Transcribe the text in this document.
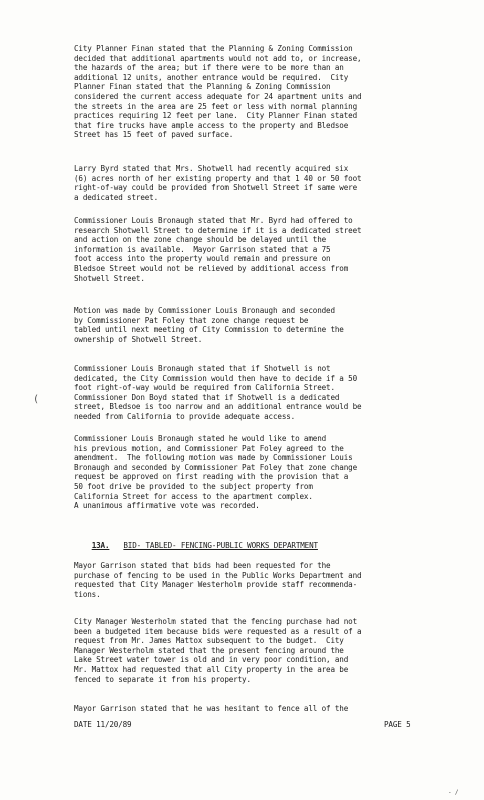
City Planner Finan stated that the Planning & Zoning Commission
decided that additional apartments would not add to, or increase,
the hazards of the area; but if there were to be more than an
additional 12 units, another entrance would be required.  City
Planner Finan stated that the Planning & Zoning Commission
considered the current access adequate for 24 apartment units and
the streets in the area are 25 feet or less with normal planning
practices requiring 12 feet per lane.  City Planner Finan stated
that fire trucks have ample access to the property and Bledsoe
Street has 15 feet of paved surface.

Larry Byrd stated that Mrs. Shotwell had recently acquired six
(6) acres north of her existing property and that 1 40 or 50 foot
right-of-way could be provided from Shotwell Street if same were
a dedicated street.

Commissioner Louis Bronaugh stated that Mr. Byrd had offered to
research Shotwell Street to determine if it is a dedicated street
and action on the zone change should be delayed until the
information is available.  Mayor Garrison stated that a 75
foot access into the property would remain and pressure on
Bledsoe Street would not be relieved by additional access from
Shotwell Street.

Motion was made by Commissioner Louis Bronaugh and seconded
by Commissioner Pat Foley that zone change request be
tabled until next meeting of City Commission to determine the
ownership of Shotwell Street.

Commissioner Louis Bronaugh stated that if Shotwell is not
dedicated, the City Commission would then have to decide if a 50
foot right-of-way would be required from California Street.
Commissioner Don Boyd stated that if Shotwell is a dedicated
street, Bledsoe is too narrow and an additional entrance would be
needed from California to provide adequate access.

Commissioner Louis Bronaugh stated he would like to amend
his previous motion, and Commissioner Pat Foley agreed to the
amendment.  The following motion was made by Commissioner Louis
Bronaugh and seconded by Commissioner Pat Foley that zone change
request be approved on first reading with the provision that a
50 foot drive be provided to the subject property from
California Street for access to the apartment complex.
A unanimous affirmative vote was recorded.

13A. BID- TABLED- FENCING-PUBLIC WORKS DEPARTMENT

Mayor Garrison stated that bids had been requested for the
purchase of fencing to be used in the Public Works Department and
requested that City Manager Westerholm provide staff recommenda-
tions.

City Manager Westerholm stated that the fencing purchase had not
been a budgeted item because bids were requested as a result of a
request from Mr. James Mattox subsequent to the budget.  City
Manager Westerholm stated that the present fencing around the
Lake Street water tower is old and in very poor condition, and
Mr. Mattox had requested that all City property in the area be
fenced to separate it from his property.

Mayor Garrison stated that he was hesitant to fence all of the

DATE 11/20/89	PAGE 5

(

- /
